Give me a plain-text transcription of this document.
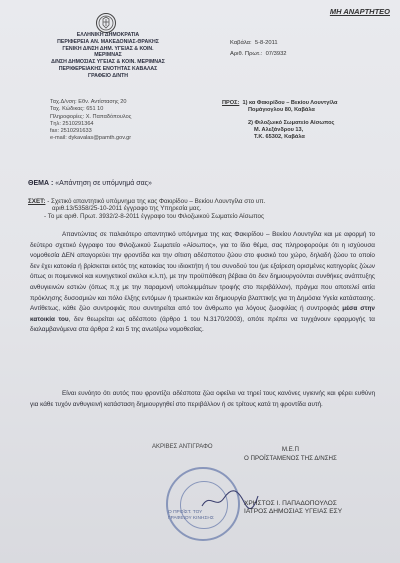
ΜΗ ΑΝΑΡΤΗΤΕΟ
ΕΛΛΗΝΙΚΗ ΔΗΜΟΚΡΑΤΙΑ
ΠΕΡΙΦΕΡΕΙΑ ΑΝ. ΜΑΚΕΔΟΝΙΑΣ-ΘΡΑΚΗΣ
ΓΕΝΙΚΗ Δ/ΝΣΗ ΔΗΜ. ΥΓΕΙΑΣ & ΚΟΙΝ. ΜΕΡΙΜΝΑΣ
Δ/ΝΣΗ ΔΗΜΟΣΙΑΣ ΥΓΕΙΑΣ & ΚΟΙΝ. ΜΕΡΙΜΝΑΣ
ΠΕΡΙΦΕΡΕΙΑΚΗΣ ΕΝΟΤΗΤΑΣ ΚΑΒΑΛΑΣ
ΓΡΑΦΕΙΟ Δ/ΝΤΗ
Καβάλα: 5-8-2011
Αριθ. Πρωτ.: 07/3932
Ταχ.Δ/νση: Εθν. Αντίστασης 20
Ταχ. Κώδικας: 651 10
Πληροφορίες: Χ. Παπαδόπουλος
Tηλ: 2510291364
fax: 2510291633
e-mail: dykavalas@pamth.gov.gr
ΠΡΟΣ: 1) κα Φακιρίδου – Βεκίου Λουντγίλα
Πομάγιογλου 80, Καβάλα
2) Φιλοζωικό Σωματείο Αίσωπος
Μ. Αλεξάνδρου 13,
Τ.Κ. 65302, Καβάλα
ΘΕΜΑ : «Απάντηση σε υπόμνημά σας»
ΣΧΕΤ: - Σχετικό απαντητικό υπόμνημα της κας Φακιρίδου – Βεκίου Λουντγίλα στο υπ.
αριθ.13/5358/25-10-2011 έγγραφο της Υπηρεσία μας.
- Το με αριθ. Πρωτ. 3932/2-8-2011 έγγραφο του Φιλοζωικού Σωματείο Αίσωπος
Απαντώντας σε παλαιότερο απαντητικό υπόμνημα της κας Φακιρίδου – Βεκίου Λουντγίλα και με αφορμή το δεύτερο σχετικό έγγραφο του Φιλοζωικού Σωματείο «Αίσωπος», για το ίδιο θέμα, σας πληροφορούμε ότι η ισχύουσα νομοθεσία ΔΕΝ απαγορεύει την φροντίδα και την σίτιση αδέσποτου ζώου στο φυσικό του χώρο, δηλαδή ζώου το οποίο δεν έχει κατοικία ή βρίσκεται εκτός της κατοικίας του ιδιοκτήτη ή του συνοδού του (με εξαίρεση ορισμένες κατηγορίες ζώων όπως οι ποιμενικοί και κυνηγετικοί σκύλοι κ.λ.π), με την προϋπόθεση βέβαια ότι δεν δημιουργούνται συνθήκες ανάπτυξης ανθυγιεινών εστιών (όπως π.χ με την παραμονή υπολειμμάτων τροφής στο περιβάλλον), πράγμα που αποτελεί αιτία πρόκλησης δυσοσμιών και πόλο έλξης εντόμων ή τρωκτικών και δημιουργία βλαπτικής για τη Δημόσια Υγεία κατάστασης. Αντίθετως, κάθε ζώο συντροφιάς που συντηρείται από τον άνθρωπο για λόγους ζωοφιλίας ή συντροφιάς μέσα στην κατοικία του, δεν θεωρείται ως αδέσποτο (άρθρο 1 του Ν.3170/2003), οπότε πρέπει να τυγχάνουν εφαρμογής τα διαλαμβανόμενα στα άρθρα 2 και 5 της ανωτέρω νομοθεσίας.
Είναι ευνόητο ότι αυτός που φροντίζει αδέσποτα ζώα οφείλει να τηρεί τους κανόνες υγιεινής και φέρει ευθύνη για κάθε τυχόν ανθυγιεινή κατάσταση δημιουργηθεί στο περιβάλλον ή σε τρίτους κατά τη φροντίδα αυτή.
ΑΚΡΙΒΕΣ ΑΝΤΙΓΡΑΦΟ	Μ.Ε.Π
Ο ΠΡΟΪΣΤΑΜΕΝΟΣ ΤΗΣ Δ/ΝΣΗΣ
Ο ΠΡΟΪΣΤ. ΤΟΥ
ΓΡΑΦΕΙΟΥ ΚΙΝΗΣΗΣ
ΧΡΗΣΤΟΣ Ι. ΠΑΠΑΔΟΠΟΥΛΟΣ
ΙΑΤΡΟΣ ΔΗΜΟΣΙΑΣ ΥΓΕΙΑΣ ΕΣΥ
